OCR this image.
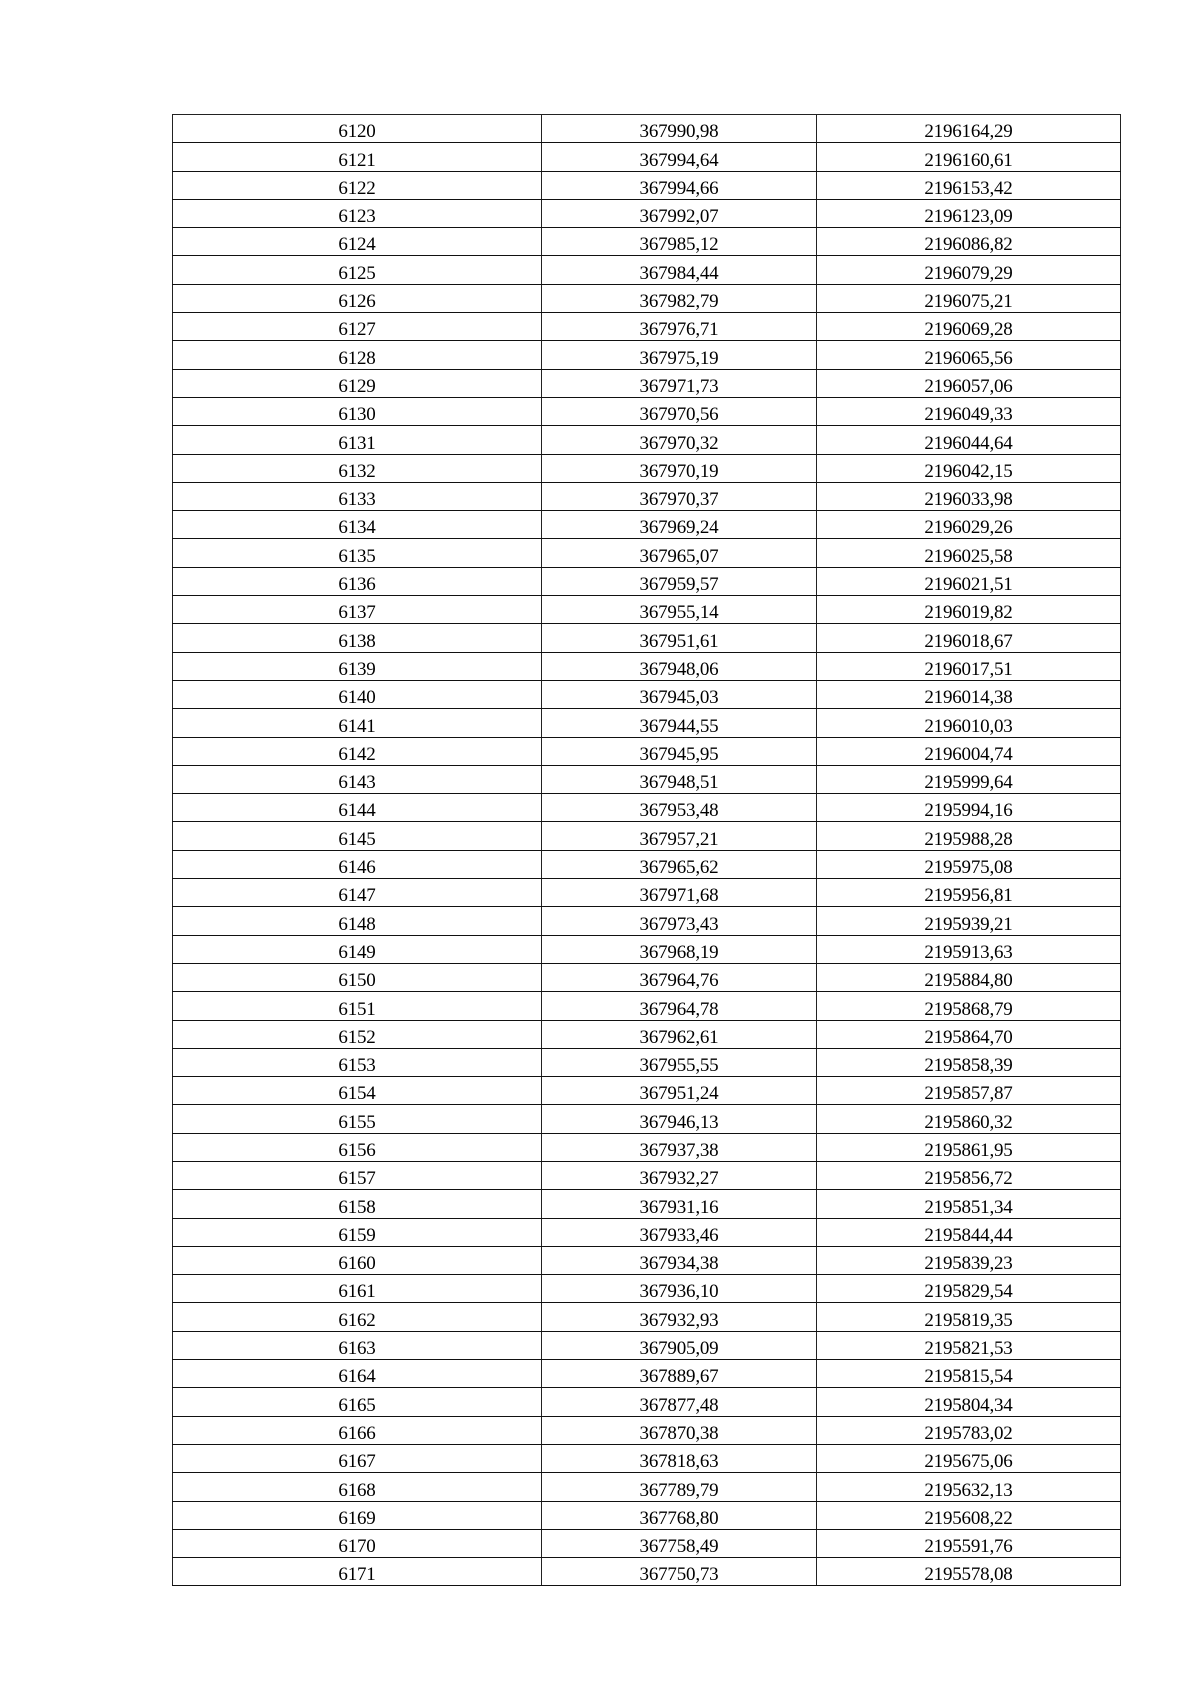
6120	367990,98	2196164,29
6121	367994,64	2196160,61
6122	367994,66	2196153,42
6123	367992,07	2196123,09
6124	367985,12	2196086,82
6125	367984,44	2196079,29
6126	367982,79	2196075,21
6127	367976,71	2196069,28
6128	367975,19	2196065,56
6129	367971,73	2196057,06
6130	367970,56	2196049,33
6131	367970,32	2196044,64
6132	367970,19	2196042,15
6133	367970,37	2196033,98
6134	367969,24	2196029,26
6135	367965,07	2196025,58
6136	367959,57	2196021,51
6137	367955,14	2196019,82
6138	367951,61	2196018,67
6139	367948,06	2196017,51
6140	367945,03	2196014,38
6141	367944,55	2196010,03
6142	367945,95	2196004,74
6143	367948,51	2195999,64
6144	367953,48	2195994,16
6145	367957,21	2195988,28
6146	367965,62	2195975,08
6147	367971,68	2195956,81
6148	367973,43	2195939,21
6149	367968,19	2195913,63
6150	367964,76	2195884,80
6151	367964,78	2195868,79
6152	367962,61	2195864,70
6153	367955,55	2195858,39
6154	367951,24	2195857,87
6155	367946,13	2195860,32
6156	367937,38	2195861,95
6157	367932,27	2195856,72
6158	367931,16	2195851,34
6159	367933,46	2195844,44
6160	367934,38	2195839,23
6161	367936,10	2195829,54
6162	367932,93	2195819,35
6163	367905,09	2195821,53
6164	367889,67	2195815,54
6165	367877,48	2195804,34
6166	367870,38	2195783,02
6167	367818,63	2195675,06
6168	367789,79	2195632,13
6169	367768,80	2195608,22
6170	367758,49	2195591,76
6171	367750,73	2195578,08
